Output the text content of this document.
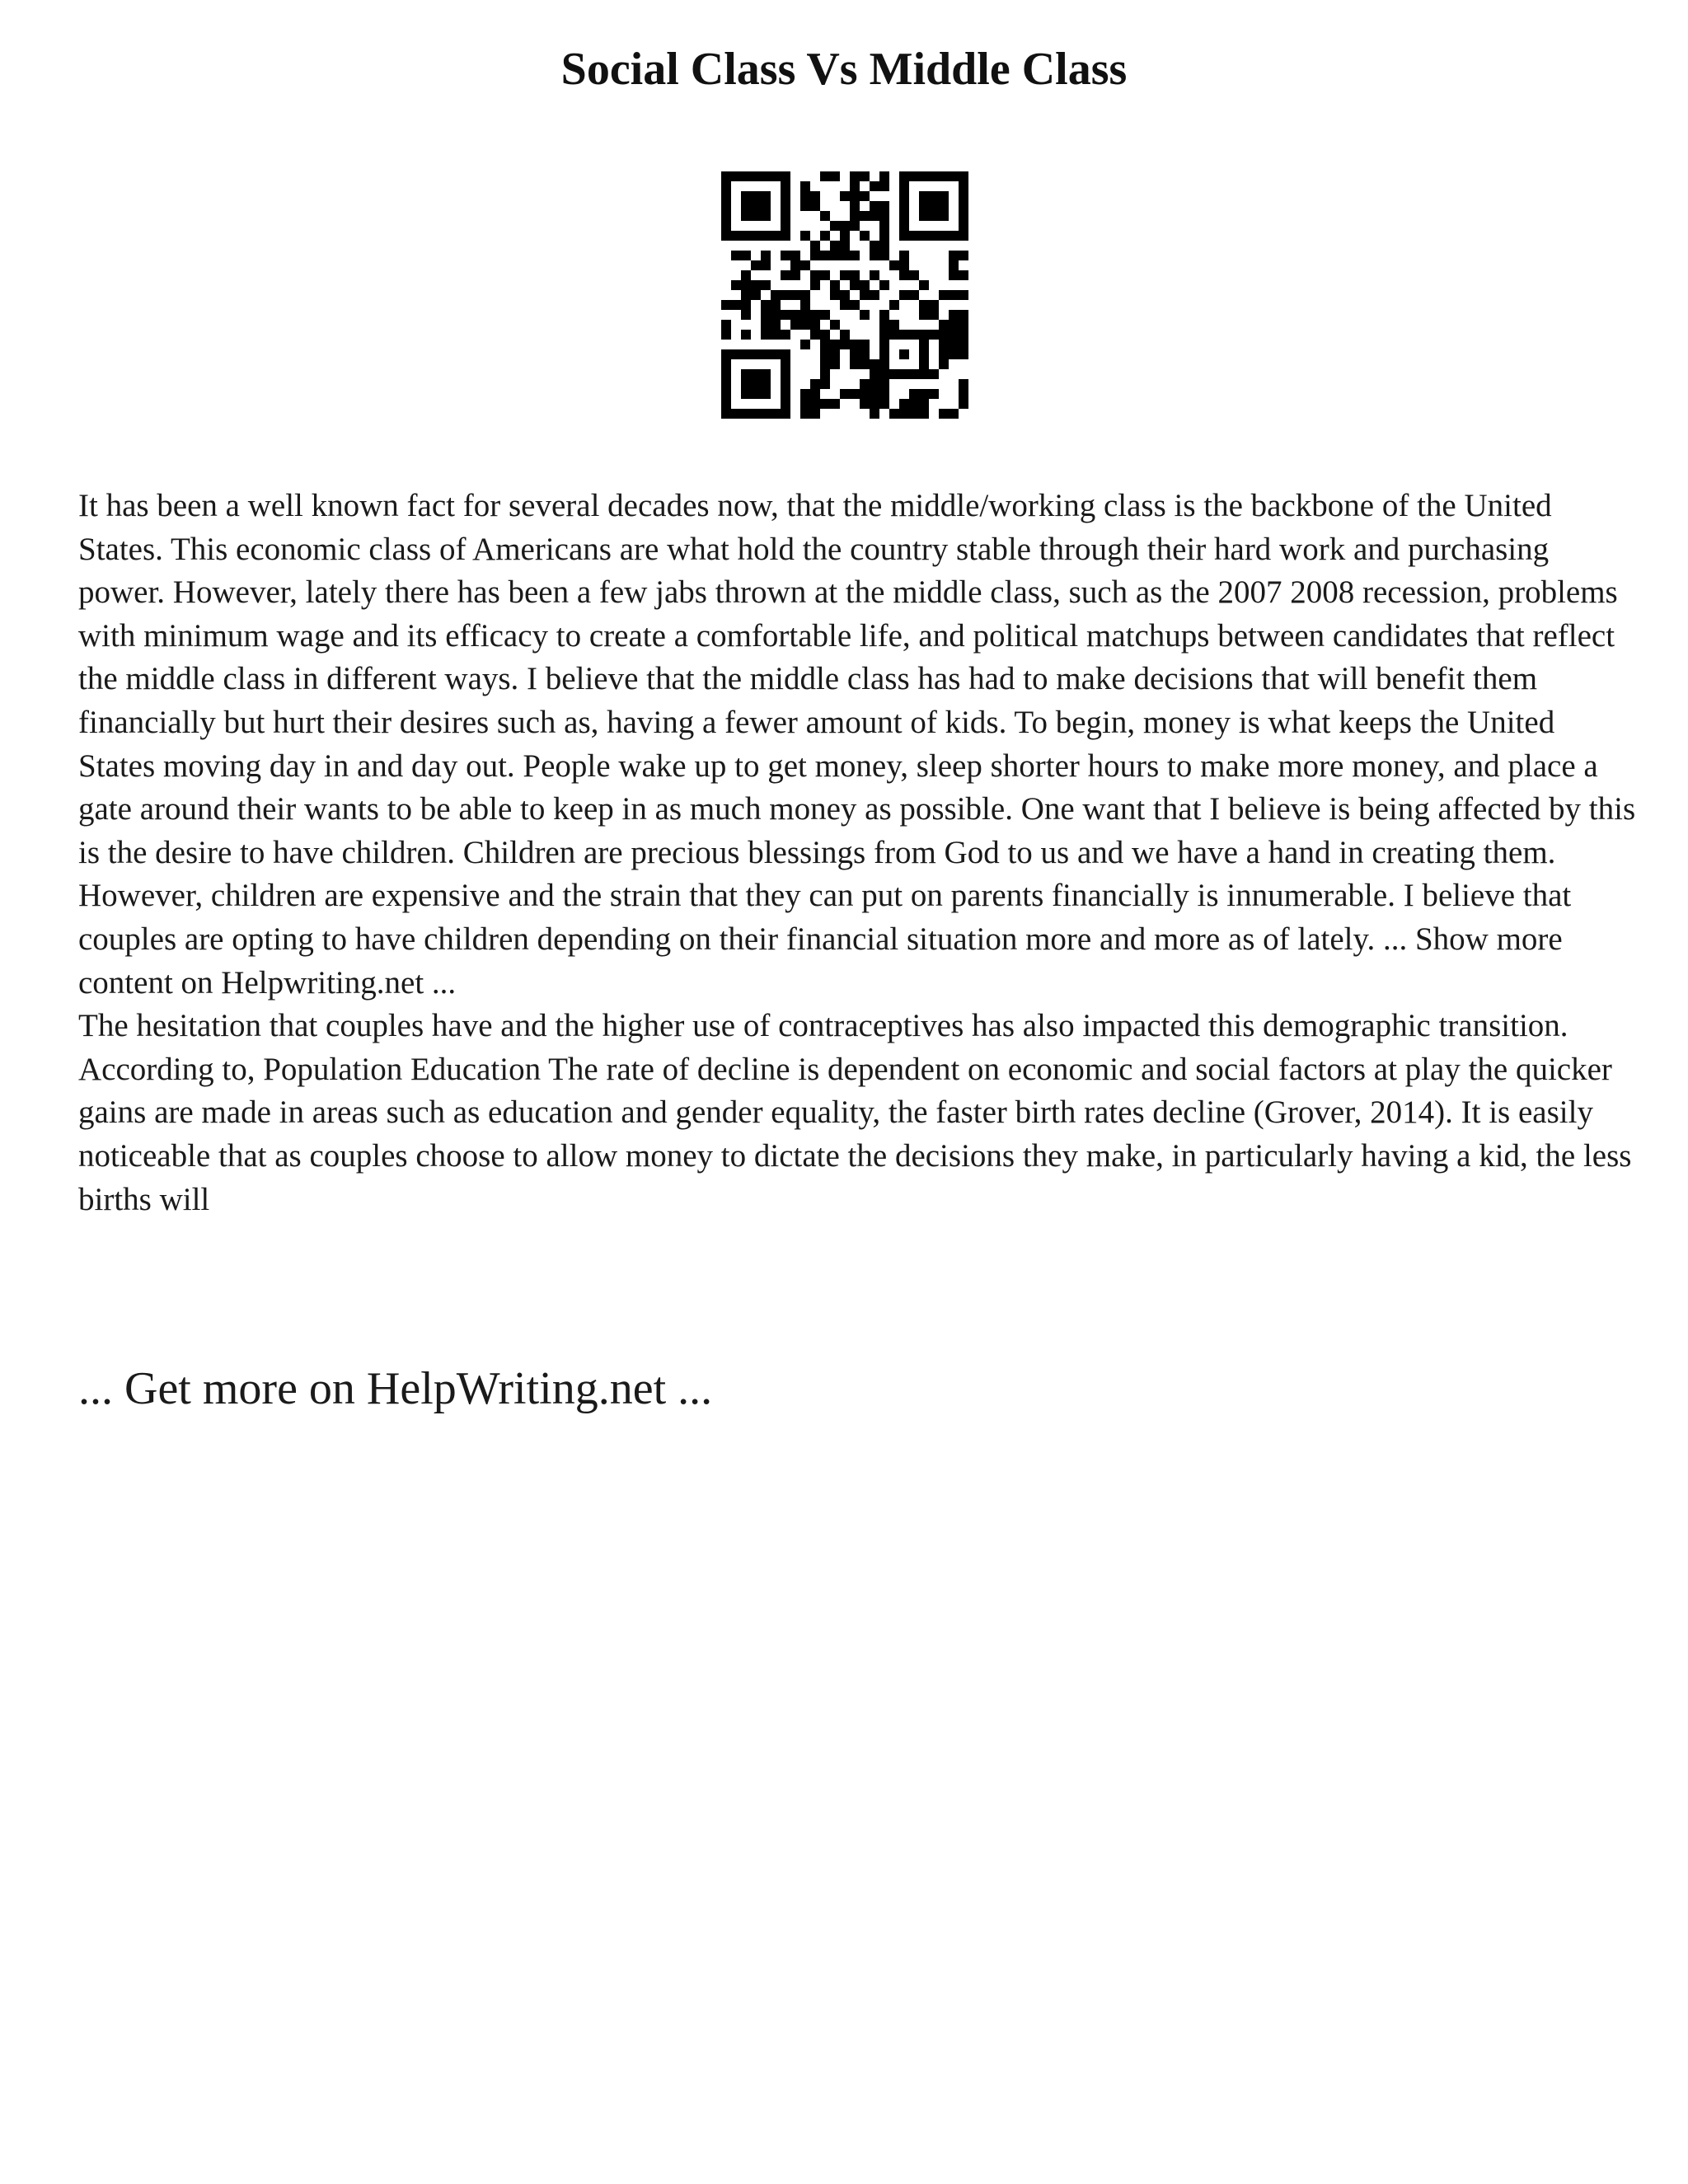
Social Class Vs Middle Class

It has been a well known fact for several decades now, that the middle/working class is the backbone of the United States. This economic class of Americans are what hold the country stable through their hard work and purchasing power. However, lately there has been a few jabs thrown at the middle class, such as the 2007 2008 recession, problems with minimum wage and its efficacy to create a comfortable life, and political matchups between candidates that reflect the middle class in different ways. I believe that the middle class has had to make decisions that will benefit them financially but hurt their desires such as, having a fewer amount of kids. To begin, money is what keeps the United States moving day in and day out. People wake up to get money, sleep shorter hours to make more money, and place a gate around their wants to be able to keep in as much money as possible. One want that I believe is being affected by this is the desire to have children. Children are precious blessings from God to us and we have a hand in creating them. However, children are expensive and the strain that they can put on parents financially is innumerable. I believe that couples are opting to have children depending on their financial situation more and more as of lately. ... Show more content on Helpwriting.net ...

The hesitation that couples have and the higher use of contraceptives has also impacted this demographic transition. According to, Population Education The rate of decline is dependent on economic and social factors at play the quicker gains are made in areas such as education and gender equality, the faster birth rates decline (Grover, 2014). It is easily noticeable that as couples choose to allow money to dictate the decisions they make, in particularly having a kid, the less births will

... Get more on HelpWriting.net ...
